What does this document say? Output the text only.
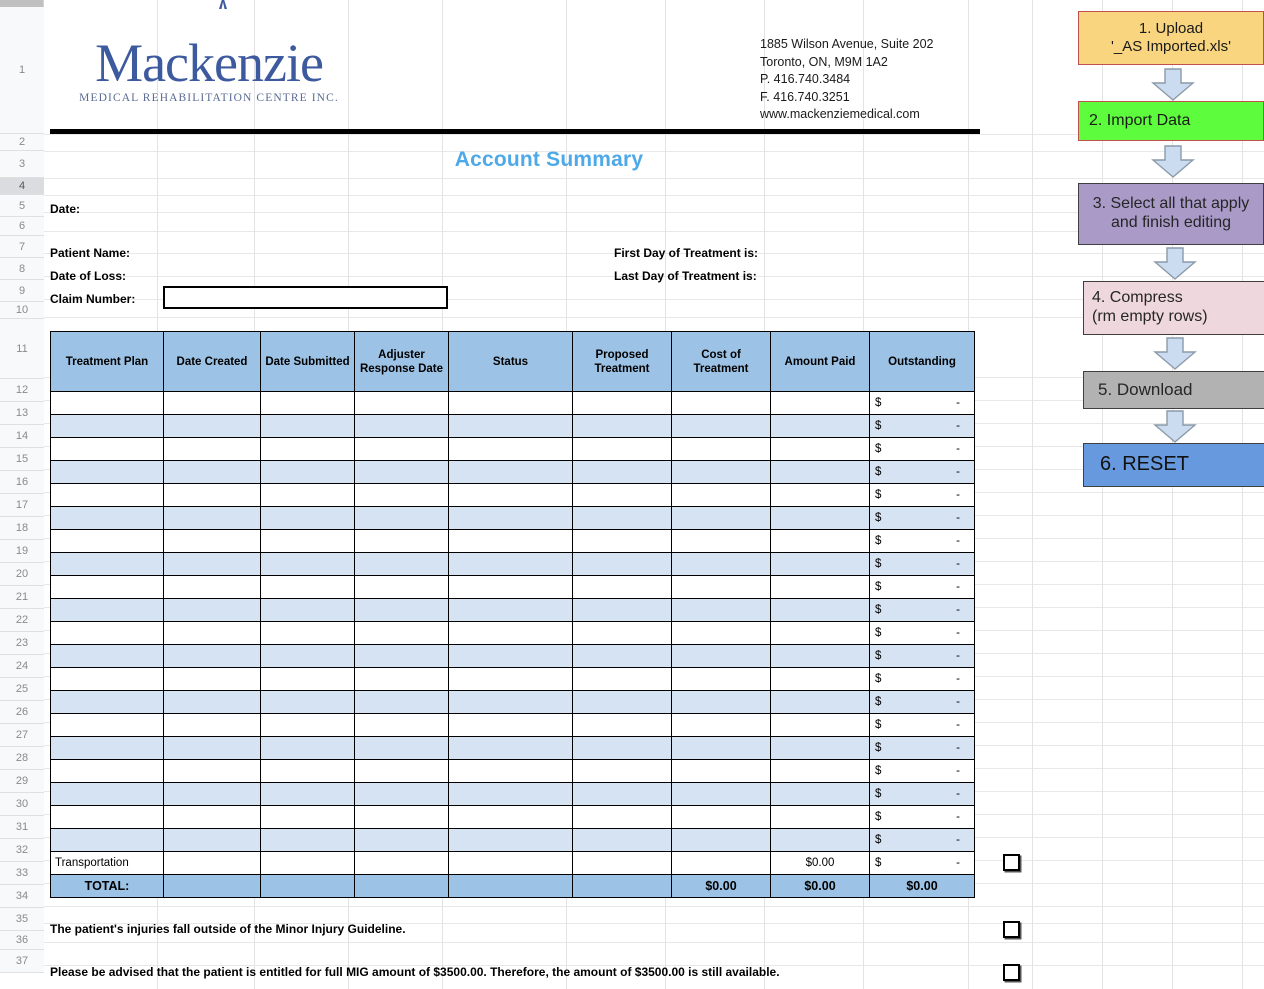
1
2
3
4
5
6
7
8
9
10
11
12
13
14
15
16
17
18
19
20
21
22
23
24
25
26
27
28
29
30
31
32
33
34
35
36
37
Mackenzie
MEDICAL REHABILITATION CENTRE INC.
1885 Wilson Avenue, Suite 202
Toronto, ON, M9M 1A2
P. 416.740.3484
F. 416.740.3251
www.mackenziemedical.com
Account Summary
Date:
Patient Name:
Date of Loss:
Claim Number:
First Day of Treatment is:
Last Day of Treatment is:
Treatment Plan	Date Created	Date Submitted	Adjuster Response Date	Status	Proposed Treatment	Cost of Treatment	Amount Paid	Outstanding

								$ -

								$ -

								$ -

								$ -

								$ -

								$ -

								$ -

								$ -

								$ -

								$ -

								$ -

								$ -

								$ -

								$ -

								$ -

								$ -

								$ -

								$ -

								$ -

								$ -

Transportation							$0.00	$ -

TOTAL:						$0.00	$0.00	$0.00
The patient's injuries fall outside of the Minor Injury Guideline.
Please be advised that the patient is entitled for full MIG amount of $3500.00. Therefore, the amount of $3500.00 is still available.
1. Upload
'_AS Imported.xls'
2. Import Data
3. Select all that apply
and finish editing
4. Compress
(rm empty rows)
5. Download
6. RESET
